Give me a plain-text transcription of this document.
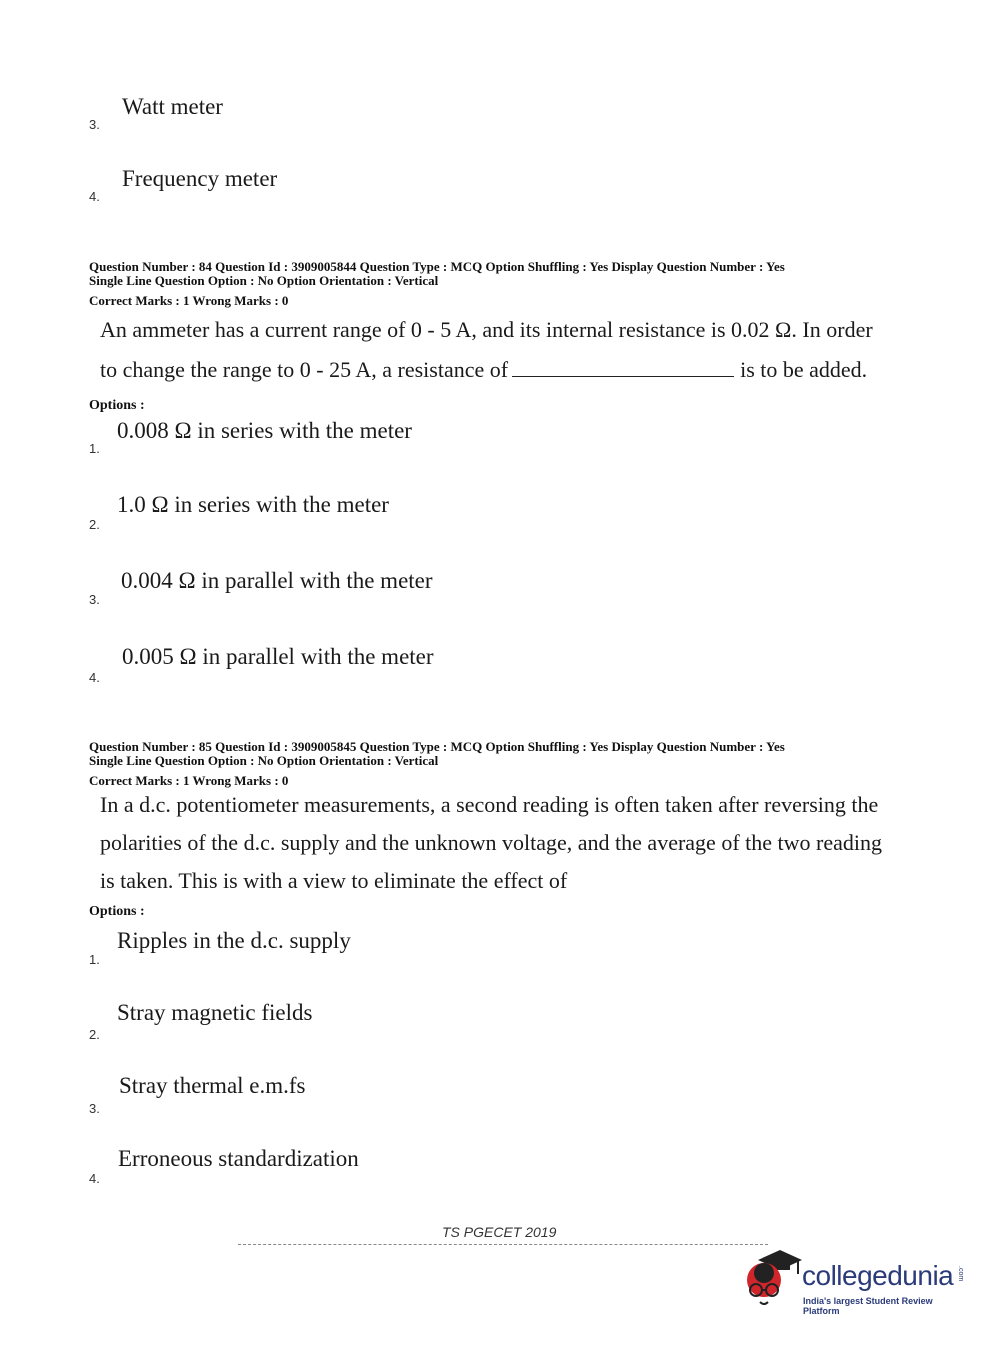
Watt meter
3.
Frequency meter
4.
Question Number : 84 Question Id : 3909005844 Question Type : MCQ Option Shuffling : Yes Display Question Number : Yes
Single Line Question Option : No Option Orientation : Vertical
Correct Marks : 1 Wrong Marks : 0
An ammeter has a current range of 0 - 5 A, and its internal resistance is 0.02 Ω. In order
to change the range to 0 - 25 A, a resistance of	is to be added.
Options :
0.008 Ω in series with the meter
1.
1.0 Ω in series with the meter
2.
0.004 Ω in parallel with the meter
3.
0.005 Ω in parallel with the meter
4.
Question Number : 85 Question Id : 3909005845 Question Type : MCQ Option Shuffling : Yes Display Question Number : Yes
Single Line Question Option : No Option Orientation : Vertical
Correct Marks : 1 Wrong Marks : 0
In a d.c. potentiometer measurements, a second reading is often taken after reversing the
polarities of the d.c. supply and the unknown voltage, and the average of the two reading
is taken. This is with a view to eliminate the effect of
Options :
Ripples in the d.c. supply
1.
Stray magnetic fields
2.
Stray thermal e.m.fs
3.
Erroneous standardization
4.
TS PGECET 2019
collegedunia .com
India's largest Student Review Platform
